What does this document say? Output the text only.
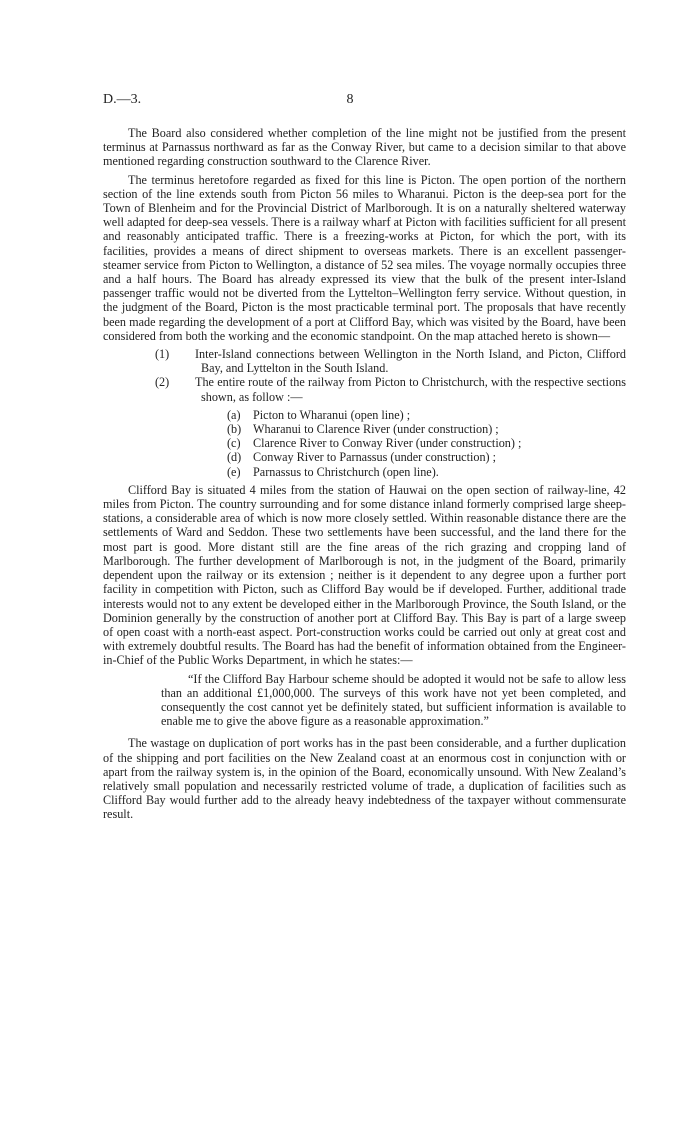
D.—3.	8

The Board also considered whether completion of the line might not be justified from the present terminus at Parnassus northward as far as the Conway River, but came to a decision similar to that above mentioned regarding construction southward to the Clarence River.

The terminus heretofore regarded as fixed for this line is Picton. The open portion of the northern section of the line extends south from Picton 56 miles to Wharanui. Picton is the deep-sea port for the Town of Blenheim and for the Provincial District of Marlborough. It is on a naturally sheltered waterway well adapted for deep-sea vessels. There is a railway wharf at Picton with facilities sufficient for all present and reasonably anticipated traffic. There is a freezing-works at Picton, for which the port, with its facilities, provides a means of direct shipment to overseas markets. There is an excellent passenger-steamer service from Picton to Wellington, a distance of 52 sea miles. The voyage normally occupies three and a half hours. The Board has already expressed its view that the bulk of the present inter-Island passenger traffic would not be diverted from the Lyttelton–Wellington ferry service. Without question, in the judgment of the Board, Picton is the most practicable terminal port. The proposals that have recently been made regarding the development of a port at Clifford Bay, which was visited by the Board, have been considered from both the working and the economic standpoint. On the map attached hereto is shown—

(1) Inter-Island connections between Wellington in the North Island, and Picton, Clifford Bay, and Lyttelton in the South Island.

(2) The entire route of the railway from Picton to Christchurch, with the respective sections shown, as follow :—

(a) Picton to Wharanui (open line) ;

(b) Wharanui to Clarence River (under construction) ;

(c) Clarence River to Conway River (under construction) ;

(d) Conway River to Parnassus (under construction) ;

(e) Parnassus to Christchurch (open line).

Clifford Bay is situated 4 miles from the station of Hauwai on the open section of railway-line, 42 miles from Picton. The country surrounding and for some distance inland formerly comprised large sheep-stations, a considerable area of which is now more closely settled. Within reasonable distance there are the settlements of Ward and Seddon. These two settlements have been successful, and the land there for the most part is good. More distant still are the fine areas of the rich grazing and cropping land of Marlborough. The further development of Marlborough is not, in the judgment of the Board, primarily dependent upon the railway or its extension ; neither is it dependent to any degree upon a further port facility in competition with Picton, such as Clifford Bay would be if developed. Further, additional trade interests would not to any extent be developed either in the Marlborough Province, the South Island, or the Dominion generally by the construction of another port at Clifford Bay. This Bay is part of a large sweep of open coast with a north-east aspect. Port-construction works could be carried out only at great cost and with extremely doubtful results. The Board has had the benefit of information obtained from the Engineer-in-Chief of the Public Works Department, in which he states:—

“If the Clifford Bay Harbour scheme should be adopted it would not be safe to allow less than an additional £1,000,000. The surveys of this work have not yet been completed, and consequently the cost cannot yet be definitely stated, but sufficient information is available to enable me to give the above figure as a reasonable approximation.”

The wastage on duplication of port works has in the past been considerable, and a further duplication of the shipping and port facilities on the New Zealand coast at an enormous cost in conjunction with or apart from the railway system is, in the opinion of the Board, economically unsound. With New Zealand’s relatively small population and necessarily restricted volume of trade, a duplication of facilities such as Clifford Bay would further add to the already heavy indebtedness of the taxpayer without commensurate result.
